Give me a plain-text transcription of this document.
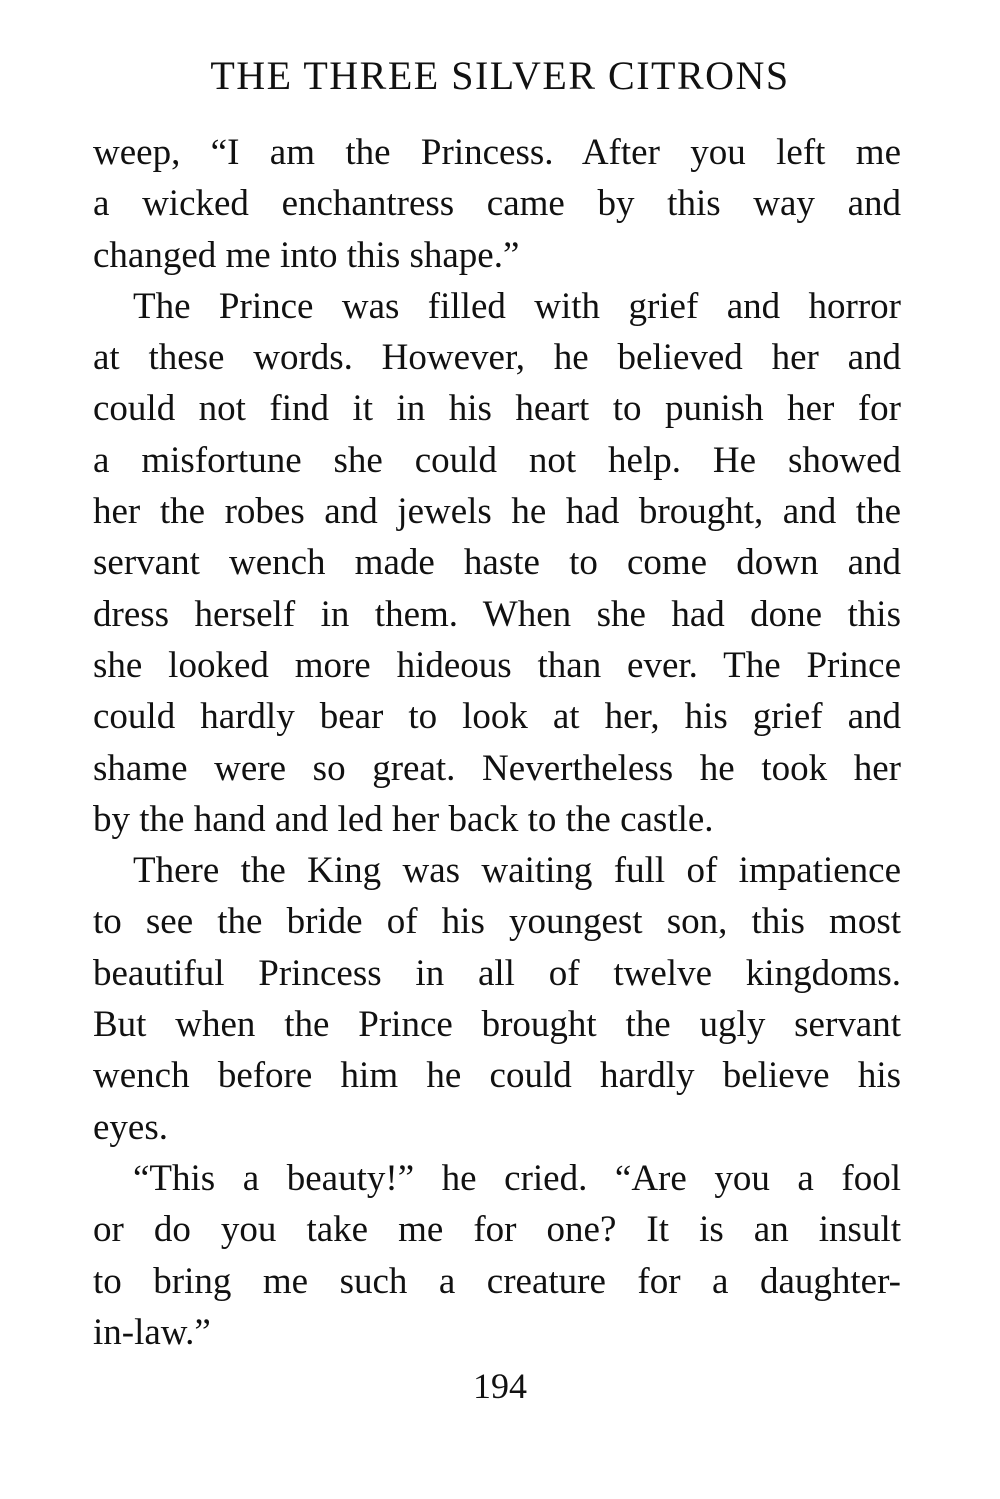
THE THREE SILVER CITRONS
weep, “I am the Princess. After you left me
a wicked enchantress came by this way and
changed me into this shape.”
The Prince was filled with grief and horror
at these words. However, he believed her and
could not find it in his heart to punish her for
a misfortune she could not help. He showed
her the robes and jewels he had brought, and the
servant wench made haste to come down and
dress herself in them. When she had done this
she looked more hideous than ever. The Prince
could hardly bear to look at her, his grief and
shame were so great. Nevertheless he took her
by the hand and led her back to the castle.
There the King was waiting full of impatience
to see the bride of his youngest son, this most
beautiful Princess in all of twelve kingdoms.
But when the Prince brought the ugly servant
wench before him he could hardly believe his
eyes.
“This a beauty!” he cried. “Are you a fool
or do you take me for one? It is an insult
to bring me such a creature for a daughter-
in-law.”
194
